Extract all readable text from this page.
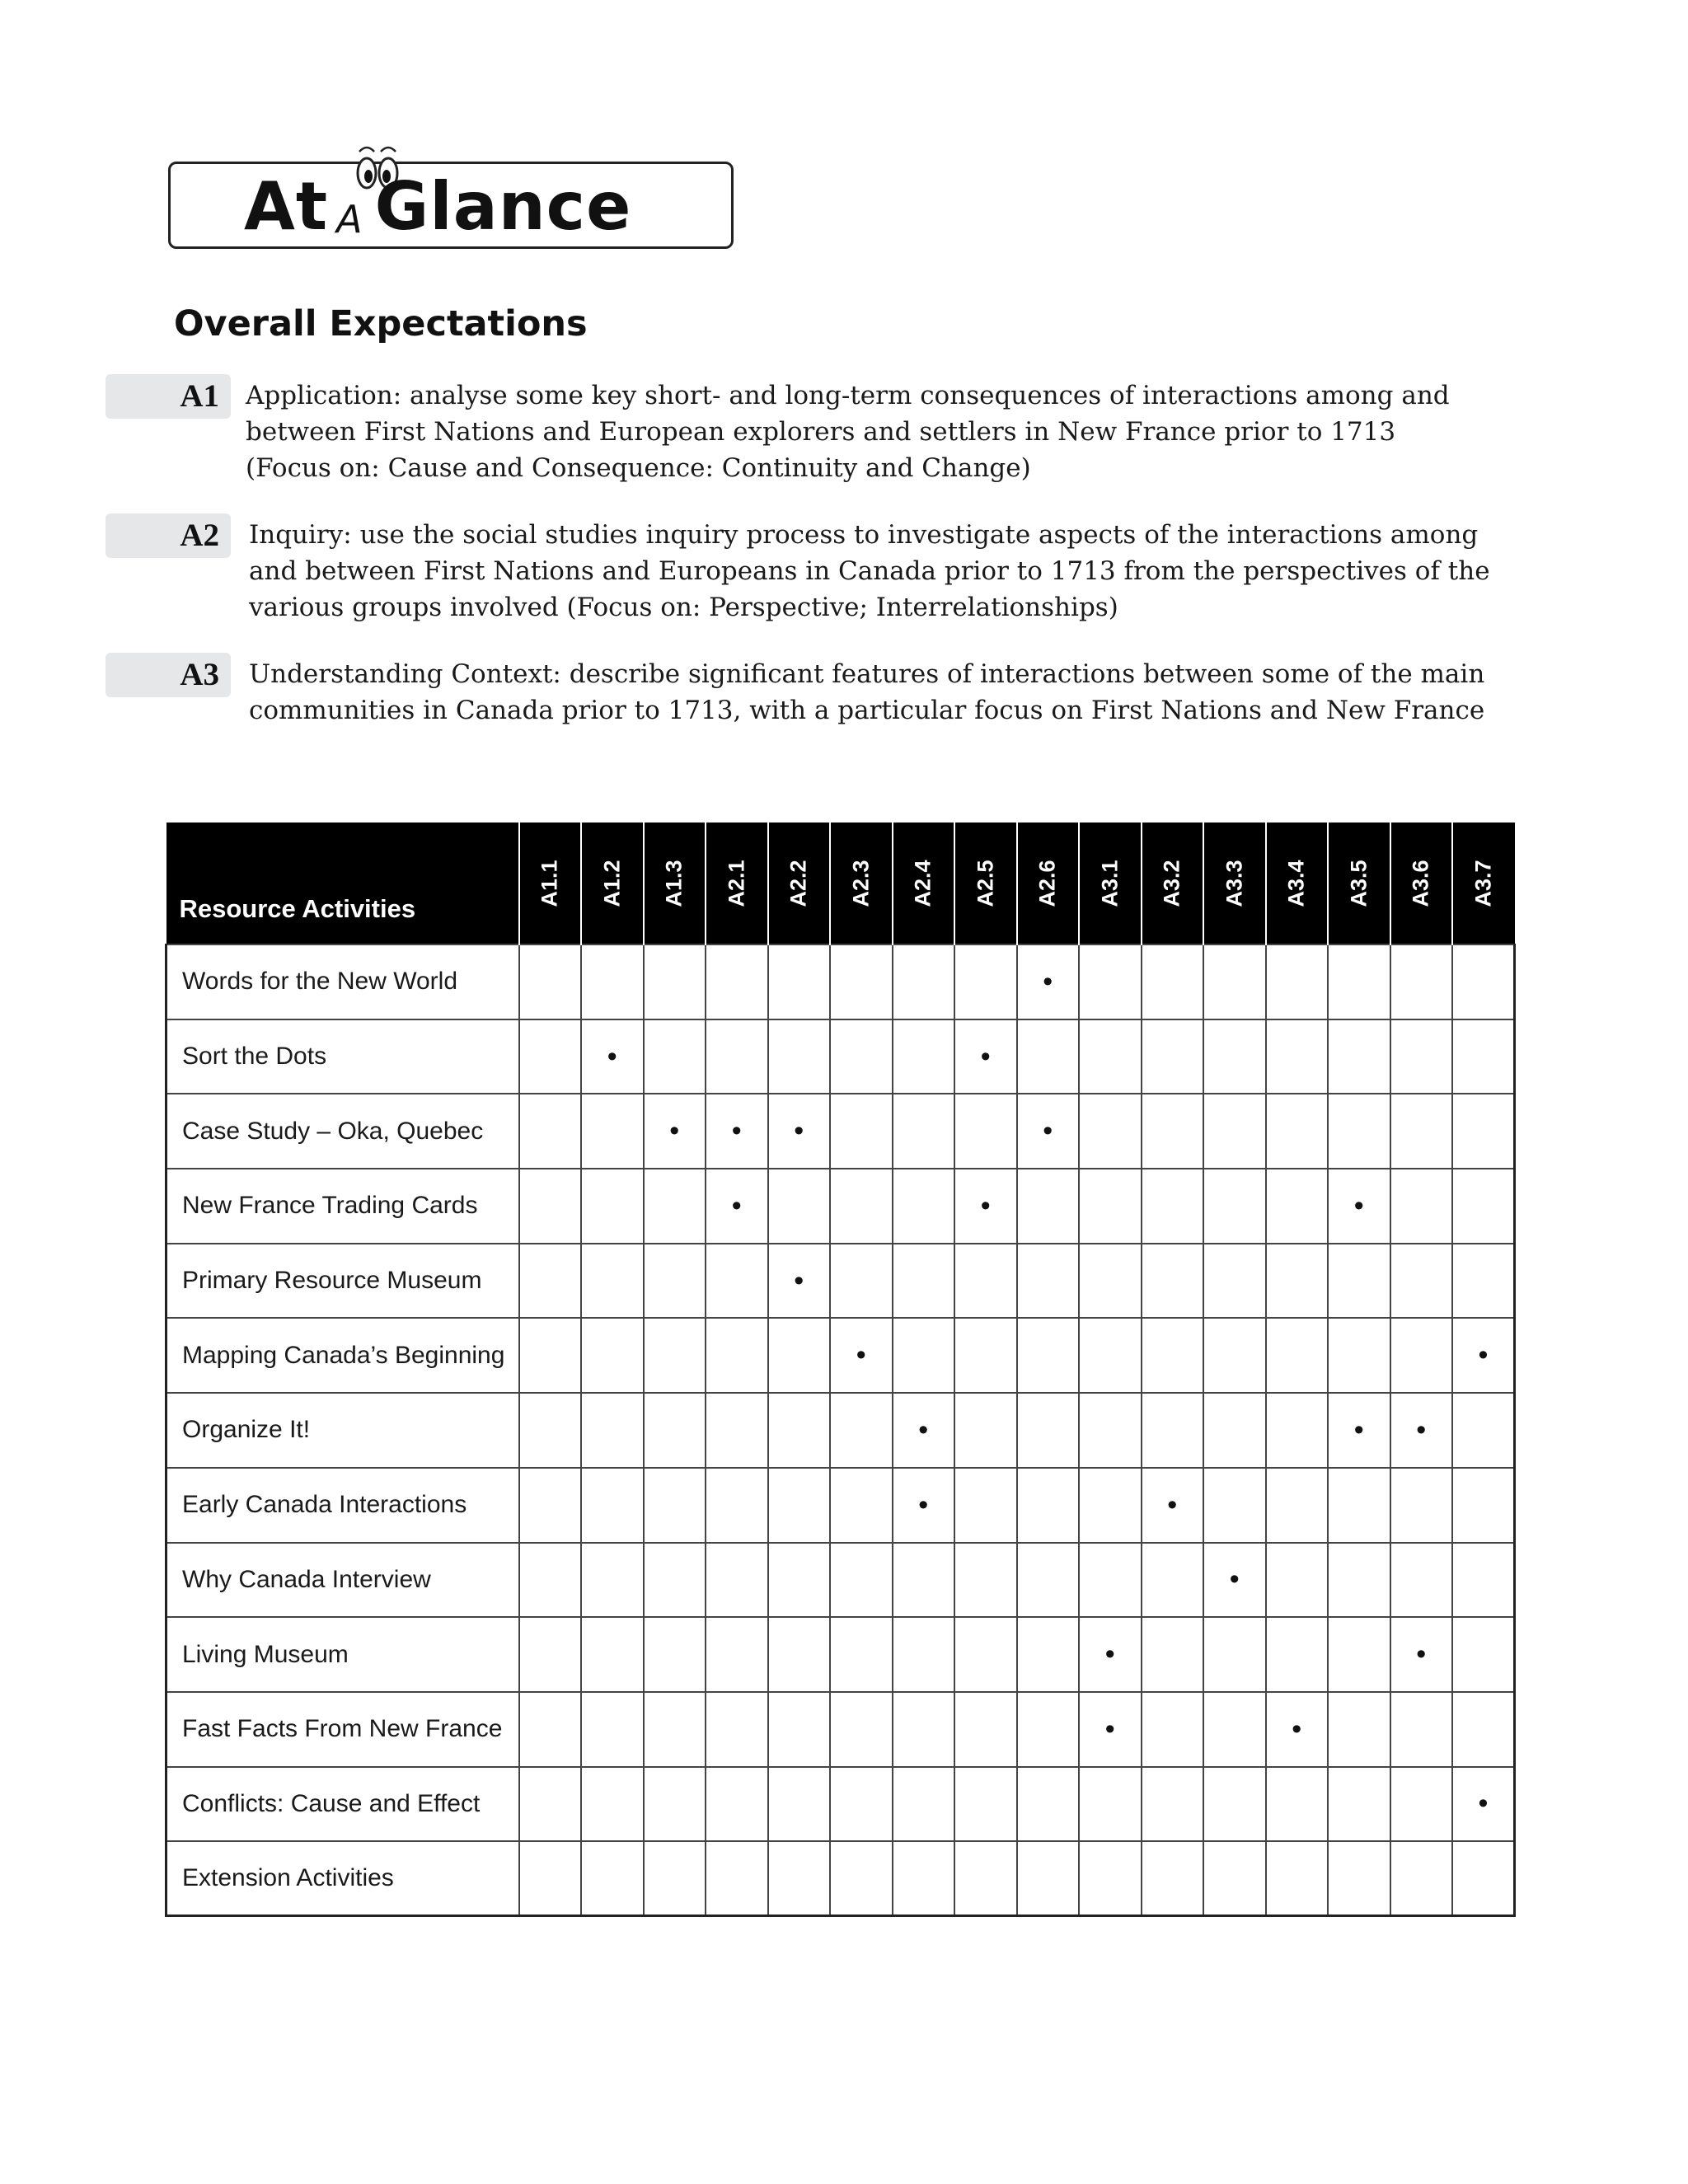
At A Glance
Overall Expectations
A1 Application: analyse some key short- and long-term consequences of interactions among and
between First Nations and European explorers and settlers in New France prior to 1713
(Focus on: Cause and Consequence: Continuity and Change)
A2 Inquiry: use the social studies inquiry process to investigate aspects of the interactions among
and between First Nations and Europeans in Canada prior to 1713 from the perspectives of the
various groups involved (Focus on: Perspective; Interrelationships)
A3 Understanding Context: describe significant features of interactions between some of the main
communities in Canada prior to 1713, with a particular focus on First Nations and New France
Resource Activities	A1.1	A1.2	A1.3	A2.1	A2.2	A2.3	A2.4	A2.5	A2.6	A3.1	A3.2	A3.3	A3.4	A3.5	A3.6	A3.7

Words for the New World									•							
Sort the Dots		•						•								
Case Study – Oka, Quebec			•	•	•				•							
New France Trading Cards				•				•						•		
Primary Resource Museum					•											
Mapping Canada’s Beginning						•										•
Organize It!							•							•	•	
Early Canada Interactions							•				•					
Why Canada Interview												•				
Living Museum										•					•	
Fast Facts From New France										•			•			
Conflicts: Cause and Effect																•
Extension Activities																
